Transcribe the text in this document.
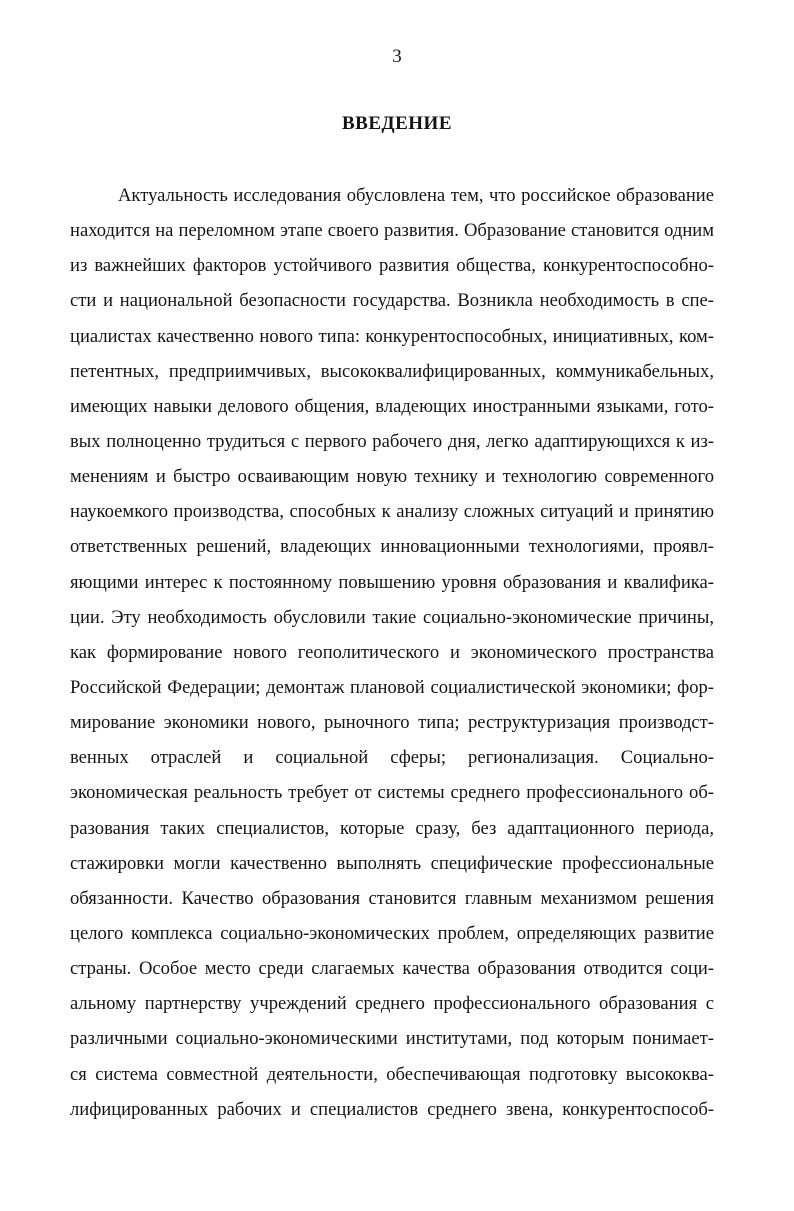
3
ВВЕДЕНИЕ
Актуальность исследования обусловлена тем, что российское образование
находится на переломном этапе своего развития. Образование становится одним
из важнейших факторов устойчивого развития общества, конкурентоспособно-
сти и национальной безопасности государства. Возникла необходимость в спе-
циалистах качественно нового типа: конкурентоспособных, инициативных, ком-
петентных, предприимчивых, высококвалифицированных, коммуникабельных,
имеющих навыки делового общения, владеющих иностранными языками, гото-
вых полноценно трудиться с первого рабочего дня, легко адаптирующихся к из-
менениям и быстро осваивающим новую технику и технологию современного
наукоемкого производства, способных к анализу сложных ситуаций и принятию
ответственных решений, владеющих инновационными технологиями, проявл-
яющими интерес к постоянному повышению уровня образования и квалифика-
ции. Эту необходимость обусловили такие социально-экономические причины,
как формирование нового геополитического и экономического пространства
Российской Федерации; демонтаж плановой социалистической экономики; фор-
мирование экономики нового, рыночного типа; реструктуризация производст-
венных отраслей и социальной сферы; регионализация. Социально-
экономическая реальность требует от системы среднего профессионального об-
разования таких специалистов, которые сразу, без адаптационного периода,
стажировки могли качественно выполнять специфические профессиональные
обязанности. Качество образования становится главным механизмом решения
целого комплекса социально-экономических проблем, определяющих развитие
страны. Особое место среди слагаемых качества образования отводится соци-
альному партнерству учреждений среднего профессионального образования с
различными социально-экономическими институтами, под которым понимает-
ся система совместной деятельности, обеспечивающая подготовку высококва-
лифицированных рабочих и специалистов среднего звена, конкурентоспособ-
